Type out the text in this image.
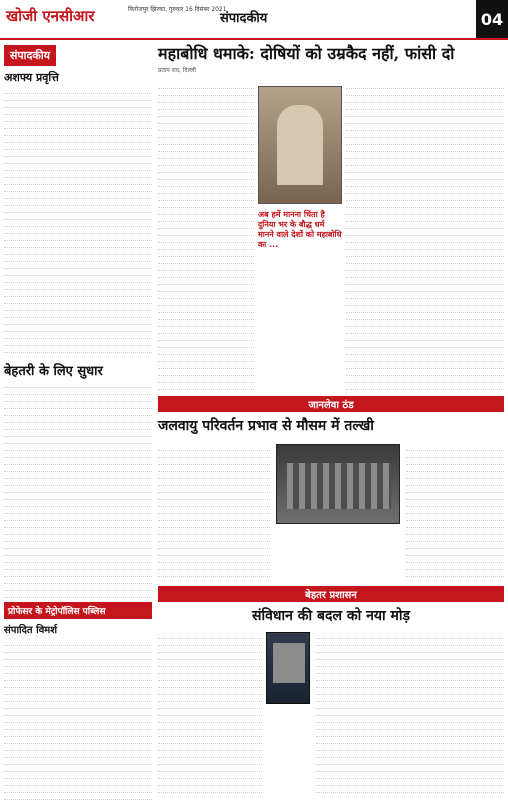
खोजी एनसीआर	फिरोजपुर झिरका, गुरुवार 16 दिसंबर 2021
संपादकीय	04
संपादकीय
अशफ्य प्रवृत्ति
बेहतरी के लिए सुधार
प्रोफेसर के मेट्रोपॉलिस पब्लिस
संपादित विमर्श
महाबोधि धमाके: दोषियों को उम्रकैद नहीं, फांसी दो
प्रताप राव, दिल्ली
अब हमें मानना चिंता है दुनिया भर के बौद्ध धर्म मानने वाले देशों को महाबोधि का ...
जानलेवा ठंड
जलवायु परिवर्तन प्रभाव से मौसम में तल्खी
बेहतर प्रशासन
संविधान की बदल को नया मोड़
